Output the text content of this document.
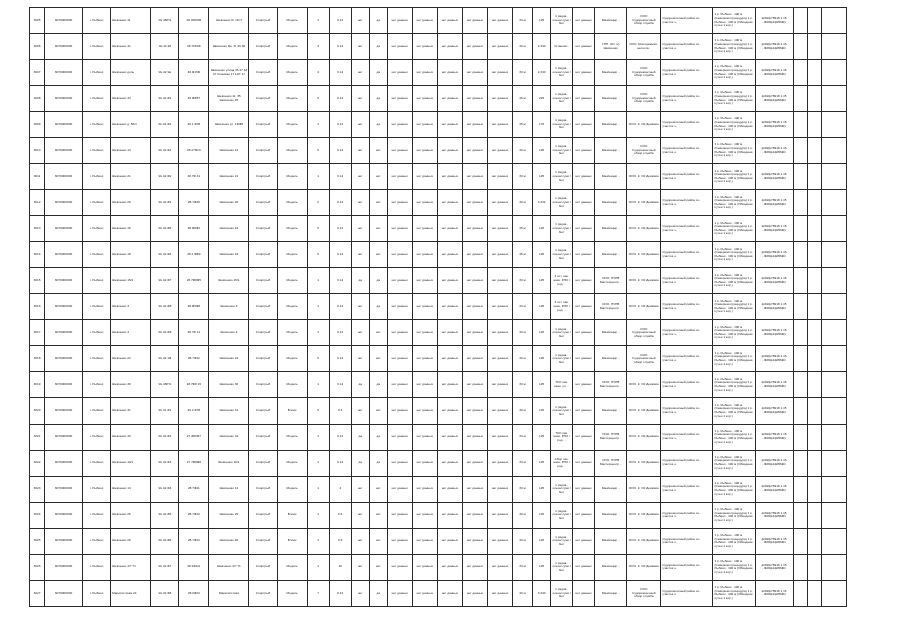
3005	6070000000	г. Рыбинс	Шевченко 11	Эх.48/Н1	28.000006	Шевченко Я. 18 Н	Спортрыб	Модель	1	0.12	нет	да	нет данных	нет данных	нет данных	нет данных	нет данных	33 м	125	1 рядов.. ольха/ суни / 3шт	нет данных	Маз/нацнр ..	ООО Судоремонтный обзор служба	Судоремонтный район со.. участок з..	1 р. Рыбинс.. 100 м (Северная процедура) 1 р. Рыбинс.. 100 м (Обводная путен 1 кор.)	ф/82ф78918 1.15 ..Ф28ф4ф056Ф1			
3006	6070000000	г. Рыбинс	Шевченко 41	Эх.42 48	28.7010Ф	Шевченко Ян. Я. 45 48	Спортрыб	Модель	4	0.12	нет	да	нет данных	нет данных	нет данных	нет данных	нет данных	40 м	2.340	Установл..	нет данных	ГПП. (Ос..н) Шевченко	ООО. Молодежная.. несоотв..	Судоремонтный район со.. участок з..	1 р. Рыбинс.. 100 м (Северная процедура) 1 р. Рыбинс.. 100 м (Обводная путен 1 кор.)	ф/82ф78918 1.15 ..Ф28ф4ф056Ф1			
3007	6070000000	г. Рыбинс	Шевченко доль	Эх.42 Эн	46.Ф15Ф	Шевченко улица 35 47 18 47 Скомнаи 17 12Р. 17	Спортрыб	Модель	4	0.12	нет	да	нет данных	нет данных	нет данных	нет данных	нет данных	33 м	2.340	1 рядов.. ольха/ суни / 3шт	нет данных	Маз/нацнр ..	ООО Судоремонтный обзор служба	Судоремонтный район со.. участок з..	1 р. Рыбинс.. 100 м (Северная процедура) 1 р. Рыбинс.. 100 м (Обводная путен 1 кор.)	ф/82ф78918 1.15 ..Ф28ф4ф056Ф1			
3008	6070000000	г. Рыбинс	Шевченко 43	Эх.42 Ф2	46.ФФ57	Шевченко 11, 35 Шевченко 45	Спортрыб	Модель	5	0.12	нет	да	нет данных	нет данных	нет данных	нет данных	нет данных	45 м	225	1 рядов.. ольха/ суни / 3шт	нет данных	Маз/нацнр ..	ООО Судоремонтный обзор служба	Судоремонтный район со.. участок з..	1 р. Рыбинс.. 100 м (Северная процедура) 1 р. Рыбинс.. 100 м (Обводная путен 1 кор.)	ф/82ф78918 1.15 ..Ф28ф4ф056Ф1			
3009	6070000000	г. Рыбинс	Шевченко д. 56/1	Эх.44 Ф4	46.1 Ф05	Шевченко ул. 1ФФ5	Спортрыб	Модель	1	0.12	нет	да	нет данных	нет данных	нет данных	нет данных	нет данных	45 м	176	1 рядов.. ольха/ суни / 3шт	нет данных	Маз/нацнр ..	ООО. К. ОК Декамин	Судоремонтный район со.. участок з..	1 р. Рыбинс.. 100 м (Северная процедура) 1 р. Рыбинс.. 100 м (Обводная путен 1 кор.)	ф/82ф78918 1.15 ..Ф28ф4ф056Ф1			
3010	6070000000	г. Рыбинс	Шевченко 13	Эх.42 Ф1	28.27Ф13	Шевченко 13	Спортрыб	Модель	5	0.12	нет	нет	нет данных	нет данных	нет данных	нет данных	нет данных	40 м	126	1 рядов.. ольха/ суни / 3шт	нет данных	Маз/нацнр ..	ООО Судоремонтный обзор служба	Судоремонтный район со.. участок з..	1 р. Рыбинс.. 100 м (Северная процедура) 1 р. Рыбинс.. 100 м (Обводная путен 1 кор.)	ф/82ф78918 1.15 ..Ф28ф4ф056Ф1			
3011	6070000000	г. Рыбинс	Шевченко 21	Эх.42 Ф2	28.7Ф 41	Шевченко 21	Спортрыб	Модель	1	0.12	нет	нет	нет данных	нет данных	нет данных	нет данных	нет данных	33 м	125	1 рядов.. ольха/ суни / 3шт	нет данных	Маз/нацнр ..	ООО. К. ОК Декамин	Судоремонтный район со.. участок з..	1 р. Рыбинс.. 100 м (Северная процедура) 1 р. Рыбинс.. 100 м (Обводная путен 1 кор.)	ф/82ф78918 1.15 ..Ф28ф4ф056Ф1			
3012	6070000000	г. Рыбинс	Шевченко 26	Эх.42 Ф4	28.7Ф39	Шевченко 26	Спортрыб	Модель	2	0.12	нет	нет	нет данных	нет данных	нет данных	нет данных	нет данных	40 м	3.342	1 рядов.. ольха/ суни / 3шт	нет данных	Маз/нацнр ..	ООО. К. ОК Декамин	Судоремонтный район со.. участок з..	1 р. Рыбинс.. 100 м (Северная процедура) 1 р. Рыбинс.. 100 м (Обводная путен 1 кор.)	ф/82ф78918 1.15 ..Ф28ф4ф056Ф1			
3013	6070000000	г. Рыбинс	Шевченко 16	Эх.42 Ф5	28.Ф8Ф2	Шевченко 16	Спортрыб	Модель	5	0.12	нет	нет	нет данных	нет данных	нет данных	нет данных	нет данных	45 м	126	1 рядов.. ольха/ суни / 3шт	нет данных	Маз/нацнр ..	ООО. К. ОК Декамин	Судоремонтный район со.. участок з..	1 р. Рыбинс.. 100 м (Северная процедура) 1 р. Рыбинс.. 100 м (Обводная путен 1 кор.)	ф/82ф78918 1.15 ..Ф28ф4ф056Ф1			
3014	6070000000	г. Рыбинс	Шевченко 18	Эх.42 Ф6	28.1 ФФ9	Шевченко 18	Спортрыб	Модель	5	0.12	нет	нет	нет данных	нет данных	нет данных	нет данных	нет данных	45 м	126	1 рядов.. ольха/ суни / 3шт	нет данных	Маз/нацнр ..	ООО. К. ОК Декамин	Судоремонтный район со.. участок з..	1 р. Рыбинс.. 100 м (Северная процедура) 1 р. Рыбинс.. 100 м (Обводная путен 1 кор.)	ф/82ф78918 1.15 ..Ф28ф4ф056Ф1			
3015	6070000000	г. Рыбинс	Шевченко 15/1	Эх.42 Ф7	26.7Ф8Ф5	Шевченко 15/1	Спортрыб	Модель	1	0.12	да	да	нет данных	нет данных	нет данных	нет данных	нет данных	33 м	125	3 ост. пак. назн. РЛО /род. ..	нет данных	ООО. ПУРВ Мастерцентр ..	ООО. К. ОК Декамин	Судоремонтный район со.. участок з..	1 р. Рыбинс.. 100 м (Северная процедура) 1 р. Рыбинс.. 100 м (Обводная путен 1 кор.)	ф/82ф78918 1.15 ..Ф28ф4ф056Ф1			
3016	6070000000	г. Рыбинс	Шевченко 3	Эх.42 Ф8	28.Ф5Ф8	Шевченко 3	Спортрыб	Модель	1	0.12	нет	да	нет данных	нет данных	нет данных	нет данных	нет данных	33 м	125	3 ост. пак. назн. РЛО /род. ..	нет данных	ООО. ПУРВ Мастерцентр ..	ООО. К. ОК Декамин	Судоремонтный район со.. участок з..	1 р. Рыбинс.. 100 м (Северная процедура) 1 р. Рыбинс.. 100 м (Обводная путен 1 кор.)	ф/82ф78918 1.15 ..Ф28ф4ф056Ф1			
3017	6070000000	г. Рыбинс	Шевченко 4	Эх.42 Ф9	28.7Ф 41	Шевченко 4	Спортрыб	Модель	1	0.12	нет	нет	нет данных	нет данных	нет данных	нет данных	нет данных	40 м	126	1 рядов.. ольха/ суни / 3шт	нет данных	Маз/нацнр ..	ООО Судоремонтный обзор служба	Судоремонтный район со.. участок з..	1 р. Рыбинс.. 100 м (Северная процедура) 1 р. Рыбинс.. 100 м (Обводная путен 1 кор.)	ф/82ф78918 1.15 ..Ф28ф4ф056Ф1			
3018	6070000000	г. Рыбинс	Шевченко 22	Эх.42 1Ф	28.7Ф32	Шевченко 22	Спортрыб	Модель	5	0.12	нет	нет	нет данных	нет данных	нет данных	нет данных	нет данных	40 м	126	1 рядов.. ольха/ суни / 3шт	нет данных	Маз/нацнр ..	ООО Судоремонтный обзор служба	Судоремонтный район со.. участок з..	1 р. Рыбинс.. 100 м (Северная процедура) 1 р. Рыбинс.. 100 м (Обводная путен 1 кор.)	ф/82ф78918 1.15 ..Ф28ф4ф056Ф1			
3019	6070000000	г. Рыбинс	Шевченко 30	Эх.48/Н1	28.7Ф8 15	Шевченко 30	Спортрыб	Модель	1	0.12	да	да	нет данных	нет данных	нет данных	нет данных	нет данных	33 м	125	ТКО пак. назн. ул. ..	нет данных	ООО. ПУРВ Мастерцентр ..	ООО. К. ОК Декамин	Судоремонтный район со.. участок з..	1 р. Рыбинс.. 100 м (Северная процедура) 1 р. Рыбинс.. 100 м (Обводная путен 1 кор.)	ф/82ф78918 1.15 ..Ф28ф4ф056Ф1			
3020	6070000000	г. Рыбинс	Шевченко 31	Эх.41 Ф1	26.2 Ф35	Шевченко 31	Спортрыб	Блоки	5	0.4	нет	нет	нет данных	нет данных	нет данных	нет данных	нет данных	40 м	126	1 рядов.. ольха/ суни / 3шт	нет данных	Маз/нацнр ..	ООО. К. ОК Декамин	Судоремонтный район со.. участок з..	1 р. Рыбинс.. 100 м (Северная процедура) 1 р. Рыбинс.. 100 м (Обводная путен 1 кор.)	ф/82ф78918 1.15 ..Ф28ф4ф056Ф1			
3021	6070000000	г. Рыбинс	Шевченко 32	Эх.42 Ф2	27.Ф65Ф7	Шевченко 32	Спортрыб	Модель	1	0.12	да	да	нет данных	нет данных	нет данных	нет данных	нет данных	33 м	125	ТКО пак. назн. РЛО /род. ..	нет данных	ООО. ПУРВ Мастерцентр ..	ООО. К. ОК Декамин	Судоремонтный район со.. участок з..	1 р. Рыбинс.. 100 м (Северная процедура) 1 р. Рыбинс.. 100 м (Обводная путен 1 кор.)	ф/82ф78918 1.15 ..Ф28ф4ф056Ф1			
3022	6070000000	г. Рыбинс	Шевченко 10/1	Эх.42 Ф3	27.7Ф8Ф8	Шевченко 10/1	Спортрыб	Модель	1	0.12	да	да	нет данных	нет данных	нет данных	нет данных	нет данных	33 м	125	Сбор пак. назн. РЛО /род. ..	нет данных	ООО. ПУРВ Мастерцентр ..	ООО. К. ОК Декамин	Судоремонтный район со.. участок з..	1 р. Рыбинс.. 100 м (Северная процедура) 1 р. Рыбинс.. 100 м (Обводная путен 1 кор.)	ф/82ф78918 1.15 ..Ф28ф4ф056Ф1			
3023	6070000000	г. Рыбинс	Шевченко 14	Эх.42 Ф4	28.7Ф41	Шевченко 14	Спортрыб	Модель	1	4	нет	нет	нет данных	нет данных	нет данных	нет данных	нет данных	33 м	125	1 рядов.. ольха/ суни / 3шт	нет данных	Маз/нацнр ..	ООО. К. ОК Декамин	Судоремонтный район со.. участок з..	1 р. Рыбинс.. 100 м (Северная процедура) 1 р. Рыбинс.. 100 м (Обводная путен 1 кор.)	ф/82ф78918 1.15 ..Ф28ф4ф056Ф1			
3024	6070000000	г. Рыбинс	Шевченко 25	Эх.42 Ф5	28.7Ф42	Шевченко 25	Спортрыб	Блоки	1	0.6	нет	нет	нет данных	нет данных	нет данных	нет данных	нет данных	40 м	126	1 рядов.. ольха/ суни / 3шт	нет данных	Маз/нацнр ..	ООО. К. ОК Декамин	Судоремонтный район со.. участок з..	1 р. Рыбинс.. 100 м (Северная процедура) 1 р. Рыбинс.. 100 м (Обводная путен 1 кор.)	ф/82ф78918 1.15 ..Ф28ф4ф056Ф1			
3025	6070000000	г. Рыбинс	Шевченко 26	Эх.42 Ф6	28.7Ф43	Шевченко 26	Спортрыб	Блоки	1	0.6	нет	нет	нет данных	нет данных	нет данных	нет данных	нет данных	40 м	126	1 рядов.. ольха/ суни / 3шт	нет данных	Маз/нацнр ..	ООО. К. ОК Декамин	Судоремонтный район со.. участок з..	1 р. Рыбинс.. 100 м (Северная процедура) 1 р. Рыбинс.. 100 м (Обводная путен 1 кор.)	ф/82ф78918 1.15 ..Ф28ф4ф056Ф1			
3026	6070000000	г. Рыбинс	Шевченко 47/ 71	Эх.42 Ф7	28.2Ф111	Шевченко 47/ 71	Спортрыб	Модель	1	10	нет	нет	нет данных	нет данных	нет данных	нет данных	нет данных	33 м	125	1 рядов.. ольха/ суни / 3шт	нет данных	Маз/нацнр ..	ООО. К. ОК Декамин	Судоремонтный район со.. участок з..	1 р. Рыбинс.. 100 м (Северная процедура) 1 р. Рыбинс.. 100 м (Обводная путен 1 кор.)	ф/82ф78918 1.15 ..Ф28ф4ф056Ф1			
3027	6070000000	г. Рыбинс	Марксистская 24	Эх.42 Ф8	28.0Ф23	Марксистская	Спортрыб	Модель	7	0.12	нет	да	нет данных	нет данных	нет данных	нет данных	нет данных	40 м	3.340	1 рядов.. ольха/ суни / 3шт	нет данных	Маз/нацнр ..	ООО Судоремонтный обзор служба	Судоремонтный район со.. участок з..	1 р. Рыбинс.. 100 м (Северная процедура) 1 р. Рыбинс.. 100 м (Обводная путен 1 кор.)	ф/82ф78918 1.15 ..Ф28ф4ф056Ф1			
